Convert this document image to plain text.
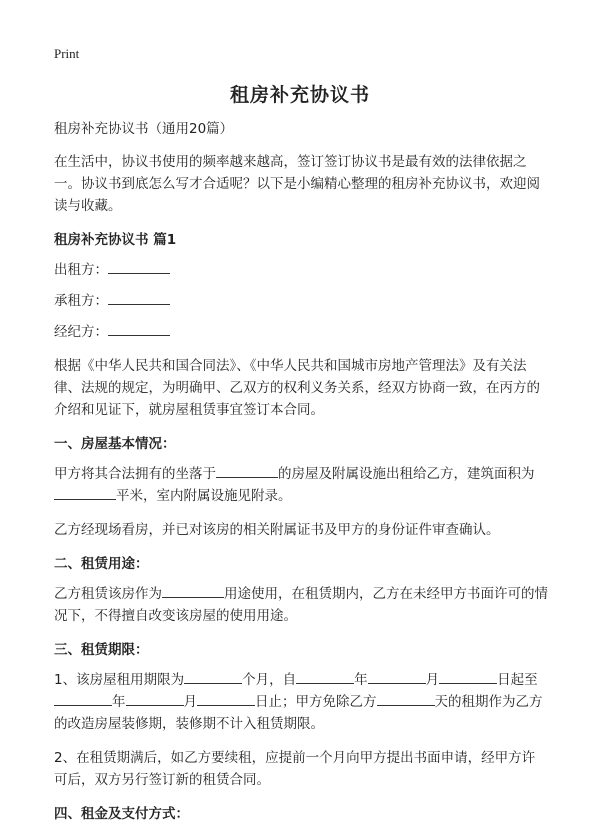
Print
租房补充协议书

租房补充协议书（通用20篇）

在生活中，协议书使用的频率越来越高，签订签订协议书是最有效的法律依据之一。协议书到底怎么写才合适呢？以下是小编精心整理的租房补充协议书，欢迎阅读与收藏。

租房补充协议书 篇1

出租方：

承租方：

经纪方：

根据《中华人民共和国合同法》、《中华人民共和国城市房地产管理法》及有关法律、法规的规定，为明确甲、乙双方的权利义务关系，经双方协商一致，在丙方的介绍和见证下，就房屋租赁事宜签订本合同。

一、房屋基本情况：

甲方将其合法拥有的坐落于	的房屋及附属设施出租给乙方，建筑面积为平米，室内附属设施见附录。

乙方经现场看房，并已对该房的相关附属证书及甲方的身份证件审查确认。

二、租赁用途：

乙方租赁该房作为	用途使用，在租赁期内，乙方在未经甲方书面许可的情况下，不得擅自改变该房屋的使用用途。

三、租赁期限：

1、该房屋租用期限为	个月，自	年	月	日起至年	月	日止；甲方免除乙方	天的租期作为乙方的改造房屋装修期，装修期不计入租赁期限。

2、在租赁期满后，如乙方要续租，应提前一个月向甲方提出书面申请，经甲方许可后，双方另行签订新的租赁合同。

四、租金及支付方式：
